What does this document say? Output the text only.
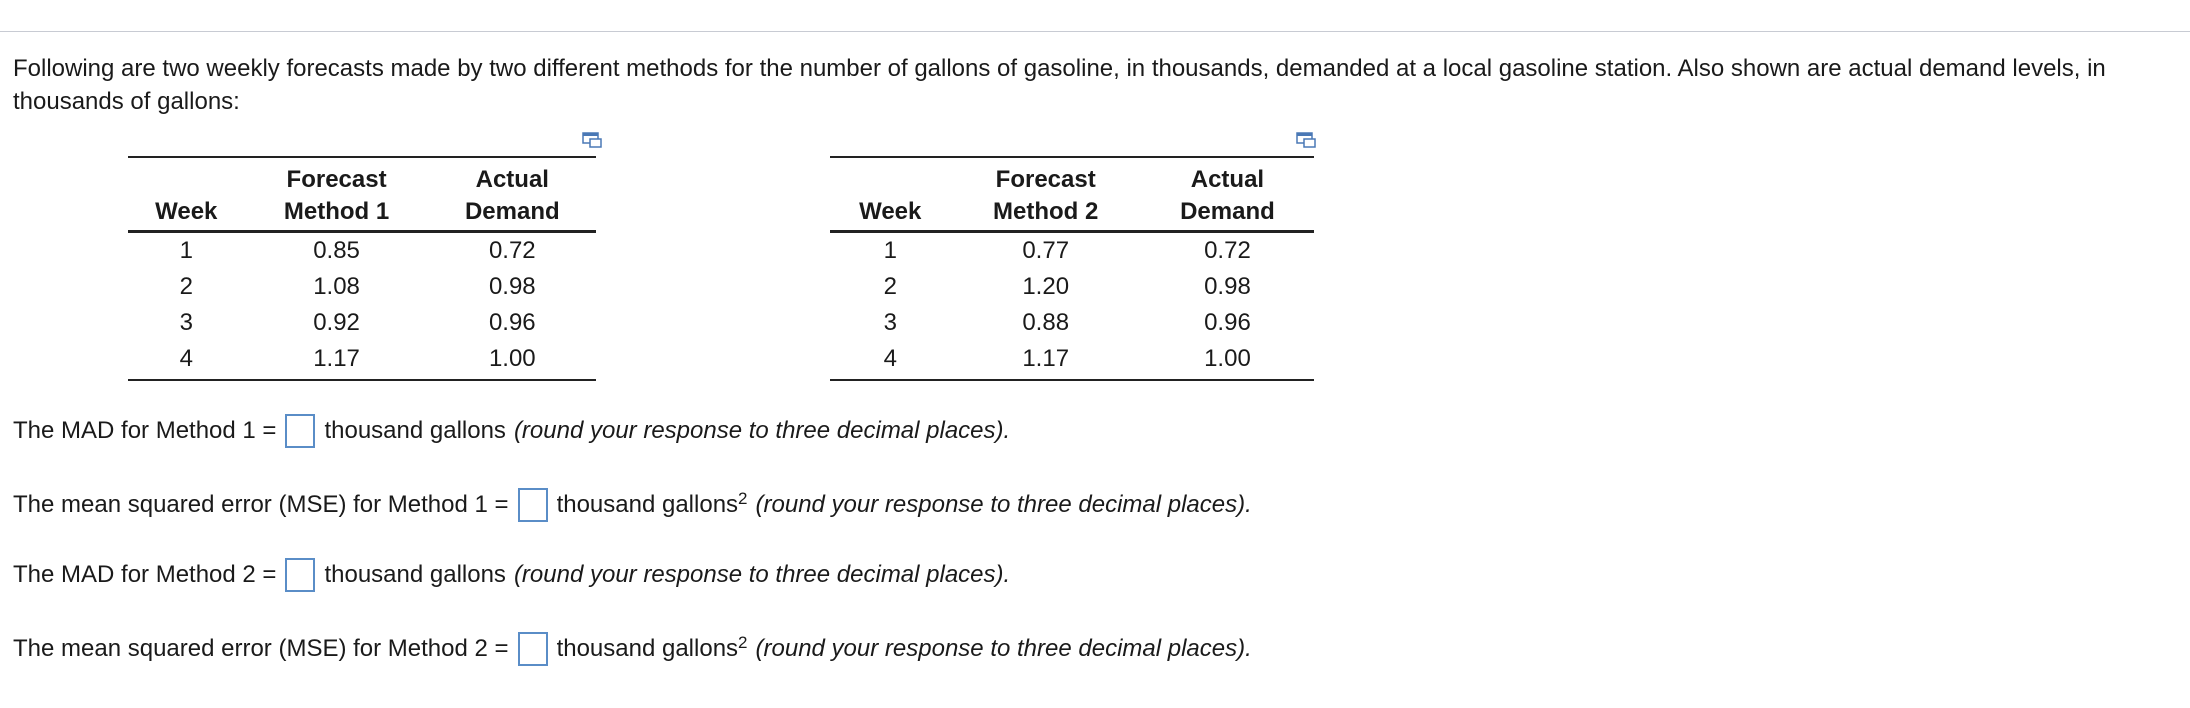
Following are two weekly forecasts made by two different methods for the number of gallons of gasoline, in thousands, demanded at a local gasoline station. Also shown are actual demand levels, in thousands of gallons:
	Forecast	Actual
Week	Method 1	Demand
1	0.85	0.72
2	1.08	0.98
3	0.92	0.96
4	1.17	1.00
	Forecast	Actual
Week	Method 2	Demand
1	0.77	0.72
2	1.20	0.98
3	0.88	0.96
4	1.17	1.00
The MAD for Method 1 = thousand gallons (round your response to three decimal places).
The mean squared error (MSE) for Method 1 = thousand gallons$^2$ (round your response to three decimal places).
The MAD for Method 2 = thousand gallons (round your response to three decimal places).
The mean squared error (MSE) for Method 2 = thousand gallons$^2$ (round your response to three decimal places).
